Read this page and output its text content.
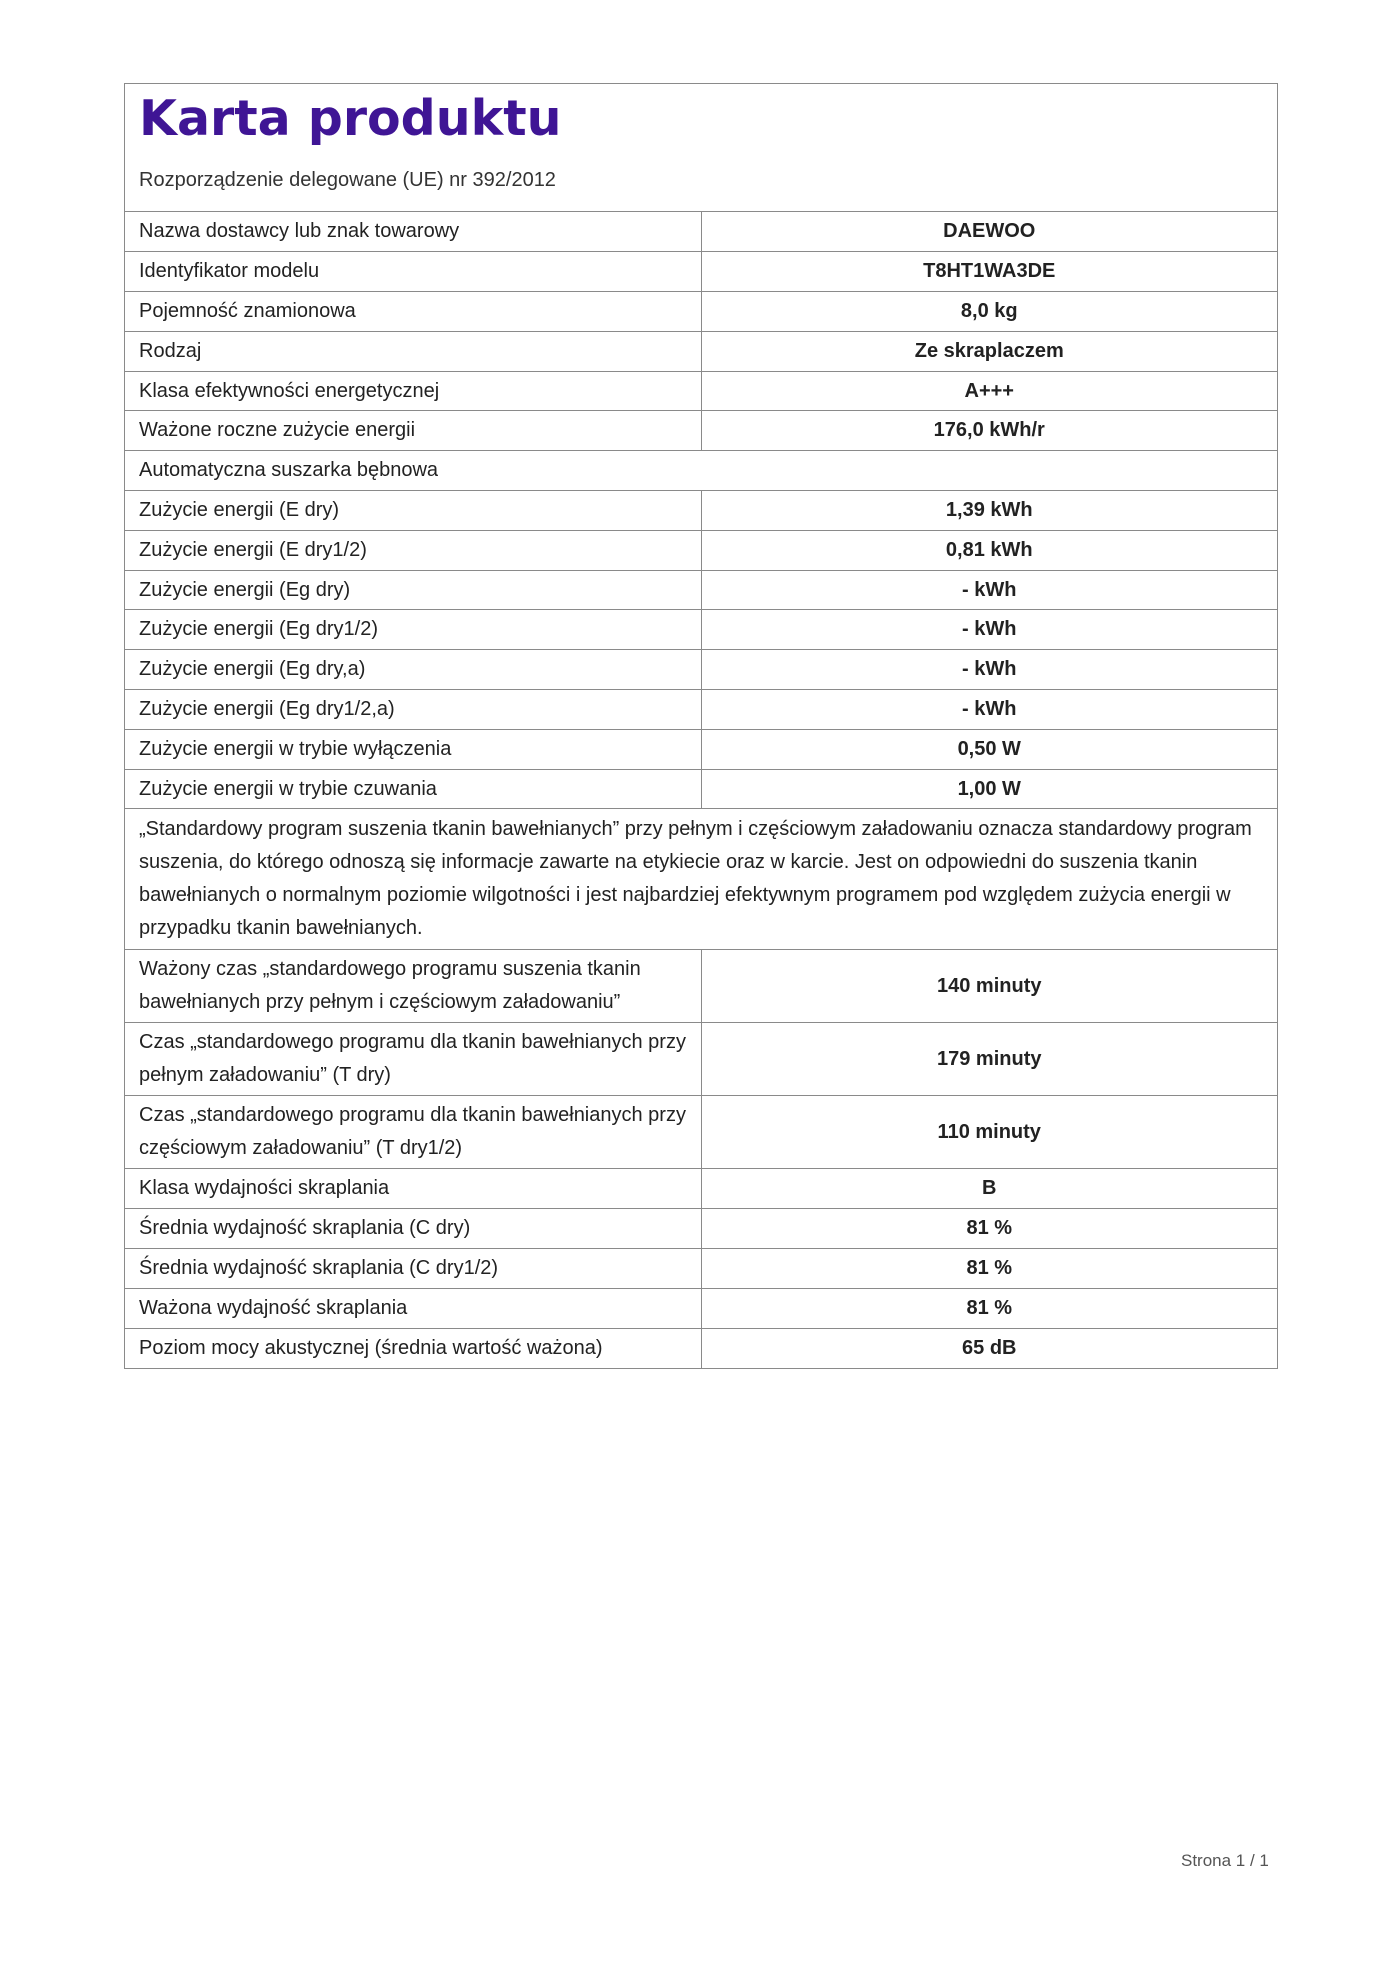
Karta produktu
Rozporządzenie delegowane (UE) nr 392/2012
Nazwa dostawcy lub znak towarowy	DAEWOO
Identyfikator modelu	T8HT1WA3DE
Pojemność znamionowa	8,0 kg
Rodzaj	Ze skraplaczem
Klasa efektywności energetycznej	A+++
Ważone roczne zużycie energii	176,0 kWh/r
Automatyczna suszarka bębnowa	
Zużycie energii (E dry)	1,39 kWh
Zużycie energii (E dry1/2)	0,81 kWh
Zużycie energii (Eg dry)	- kWh
Zużycie energii (Eg dry1/2)	- kWh
Zużycie energii (Eg dry,a)	- kWh
Zużycie energii (Eg dry1/2,a)	- kWh
Zużycie energii w trybie wyłączenia	0,50 W
Zużycie energii w trybie czuwania	1,00 W
„Standardowy program suszenia tkanin bawełnianych” przy pełnym i częściowym załadowaniu oznacza standardowy program suszenia, do którego odnoszą się informacje zawarte na etykiecie oraz w karcie. Jest on odpowiedni do suszenia tkanin bawełnianych o normalnym poziomie wilgotności i jest najbardziej efektywnym programem pod względem zużycia energii w przypadku tkanin bawełnianych.	
Ważony czas „standardowego programu suszenia tkanin bawełnianych przy pełnym i częściowym załadowaniu”	140 minuty
Czas „standardowego programu dla tkanin bawełnianych przy pełnym załadowaniu” (T dry)	179 minuty
Czas „standardowego programu dla tkanin bawełnianych przy częściowym załadowaniu” (T dry1/2)	110 minuty
Klasa wydajności skraplania	B
Średnia wydajność skraplania (C dry)	81 %
Średnia wydajność skraplania (C dry1/2)	81 %
Ważona wydajność skraplania	81 %
Poziom mocy akustycznej (średnia wartość ważona)	65 dB
Strona 1 / 1
